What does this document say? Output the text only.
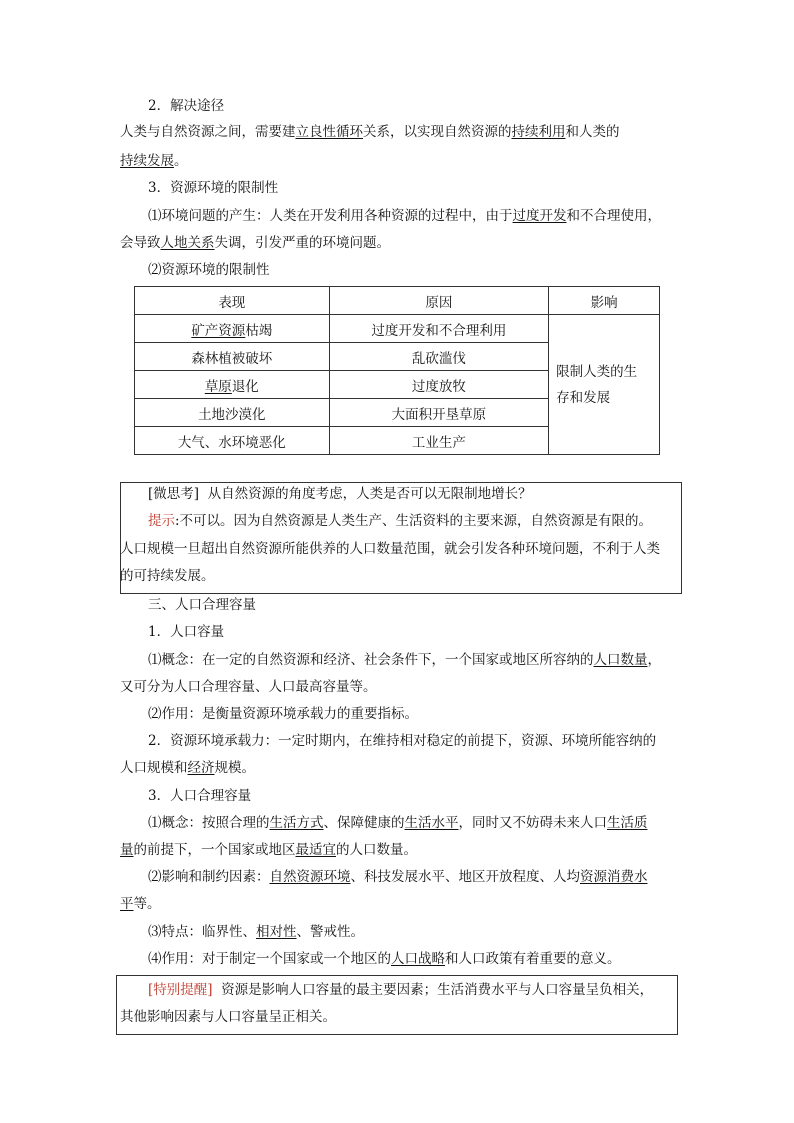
2．解决途径
人类与自然资源之间，需要建立良性循环关系，以实现自然资源的持续利用和人类的
持续发展。
3．资源环境的限制性
⑴环境问题的产生：人类在开发利用各种资源的过程中，由于过度开发和不合理使用，
会导致人地关系失调，引发严重的环境问题。
⑵资源环境的限制性
表现	原因	影响
矿产资源枯竭	过度开发和不合理利用	限制人类的生
存和发展
森林植被破坏	乱砍滥伐	
草原退化	过度放牧	
土地沙漠化	大面积开垦草原	
大气、水环境恶化	工业生产	
[微思考] 从自然资源的角度考虑，人类是否可以无限制地增长？
提示:不可以。因为自然资源是人类生产、生活资料的主要来源，自然资源是有限的。
人口规模一旦超出自然资源所能供养的人口数量范围，就会引发各种环境问题，不利于人类
的可持续发展。
三、人口合理容量
1．人口容量
⑴概念：在一定的自然资源和经济、社会条件下，一个国家或地区所容纳的人口数量，
又可分为人口合理容量、人口最高容量等。
⑵作用：是衡量资源环境承载力的重要指标。
2．资源环境承载力：一定时期内，在维持相对稳定的前提下，资源、环境所能容纳的
人口规模和经济规模。
3．人口合理容量
⑴概念：按照合理的生活方式、保障健康的生活水平，同时又不妨碍未来人口生活质
量的前提下，一个国家或地区最适宜的人口数量。
⑵影响和制约因素：自然资源环境、科技发展水平、地区开放程度、人均资源消费水
平等。
⑶特点：临界性、相对性、警戒性。
⑷作用：对于制定一个国家或一个地区的人口战略和人口政策有着重要的意义。
[特别提醒] 资源是影响人口容量的最主要因素；生活消费水平与人口容量呈负相关，
其他影响因素与人口容量呈正相关。
